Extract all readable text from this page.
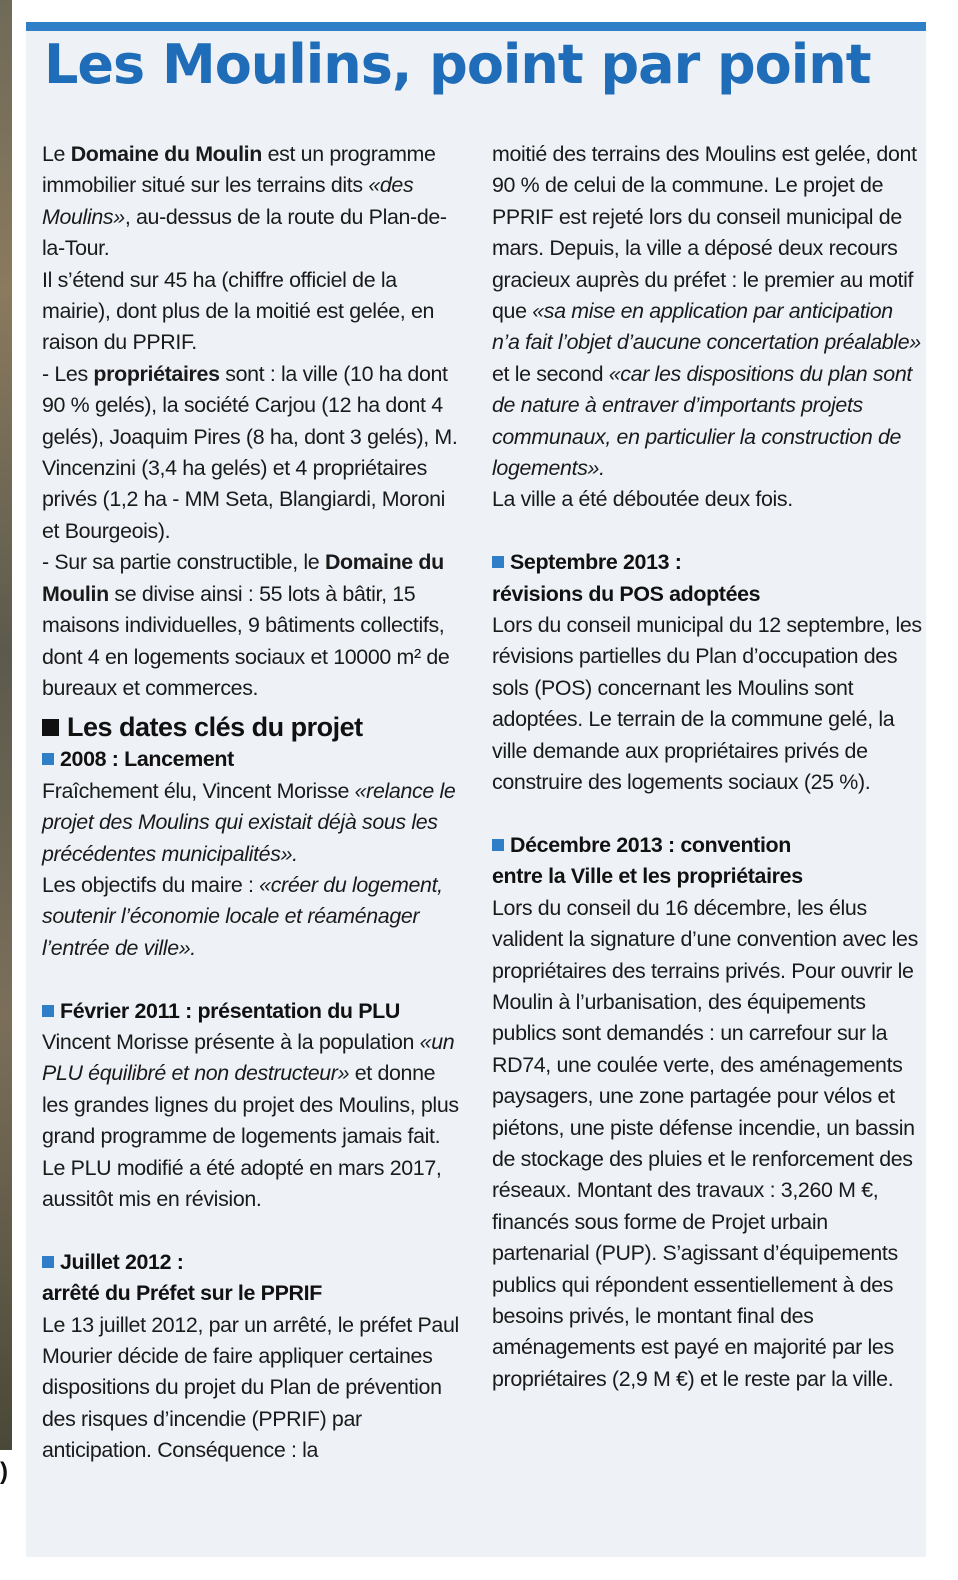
)
Les Moulins, point par point

Le Domaine du Moulin est un programme immobilier situé sur les terrains dits «des Moulins», au-dessus de la route du Plan-de-la-Tour.

Il s’étend sur 45 ha (chiffre officiel de la mairie), dont plus de la moitié est gelée, en raison du PPRIF.

- Les propriétaires sont : la ville (10 ha dont 90 % gelés), la société Carjou (12 ha dont 4 gelés), Joaquim Pires (8 ha, dont 3 gelés), M. Vincenzini (3,4 ha gelés) et 4 propriétaires privés (1,2 ha - MM Seta, Blangiardi, Moroni et Bourgeois).

- Sur sa partie constructible, le Domaine du Moulin se divise ainsi : 55 lots à bâtir, 15 maisons individuelles, 9 bâtiments collectifs, dont 4 en logements sociaux et 10000 m² de bureaux et commerces.

Les dates clés du projet

2008 : Lancement

Fraîchement élu, Vincent Morisse «relance le projet des Moulins qui existait déjà sous les précédentes municipalités».

Les objectifs du maire : «créer du logement, soutenir l’économie locale et réaménager l’entrée de ville».

Février 2011 : présentation du PLU

Vincent Morisse présente à la population «un PLU équilibré et non destructeur» et donne les grandes lignes du projet des Moulins, plus grand programme de logements jamais fait.

Le PLU modifié a été adopté en mars 2017, aussitôt mis en révision.

Juillet 2012 :

arrêté du Préfet sur le PPRIF

Le 13 juillet 2012, par un arrêté, le préfet Paul Mourier décide de faire appliquer certaines dispositions du projet du Plan de prévention des risques d’incendie (PPRIF) par anticipation. Conséquence : la

moitié des terrains des Moulins est gelée, dont 90 % de celui de la commune. Le projet de PPRIF est rejeté lors du conseil municipal de mars. Depuis, la ville a déposé deux recours gracieux auprès du préfet : le premier au motif que «sa mise en application par anticipation n’a fait l’objet d’aucune concertation préalable» et le second «car les dispositions du plan sont de nature à entraver d’importants projets communaux, en particulier la construction de logements».

La ville a été déboutée deux fois.

Septembre 2013 :

révisions du POS adoptées

Lors du conseil municipal du 12 septembre, les révisions partielles du Plan d’occupation des sols (POS) concernant les Moulins sont adoptées. Le terrain de la commune gelé, la ville demande aux propriétaires privés de construire des logements sociaux (25 %).

Décembre 2013 : convention

entre la Ville et les propriétaires

Lors du conseil du 16 décembre, les élus valident la signature d’une convention avec les propriétaires des terrains privés. Pour ouvrir le Moulin à l’urbanisation, des équipements publics sont demandés : un carrefour sur la RD74, une coulée verte, des aménagements paysagers, une zone partagée pour vélos et piétons, une piste défense incendie, un bassin de stockage des pluies et le renforcement des réseaux. Montant des travaux : 3,260 M €, financés sous forme de Projet urbain partenarial (PUP). S’agissant d’équipements publics qui répondent essentiellement à des besoins privés, le montant final des aménagements est payé en majorité par les propriétaires (2,9 M €) et le reste par la ville.
